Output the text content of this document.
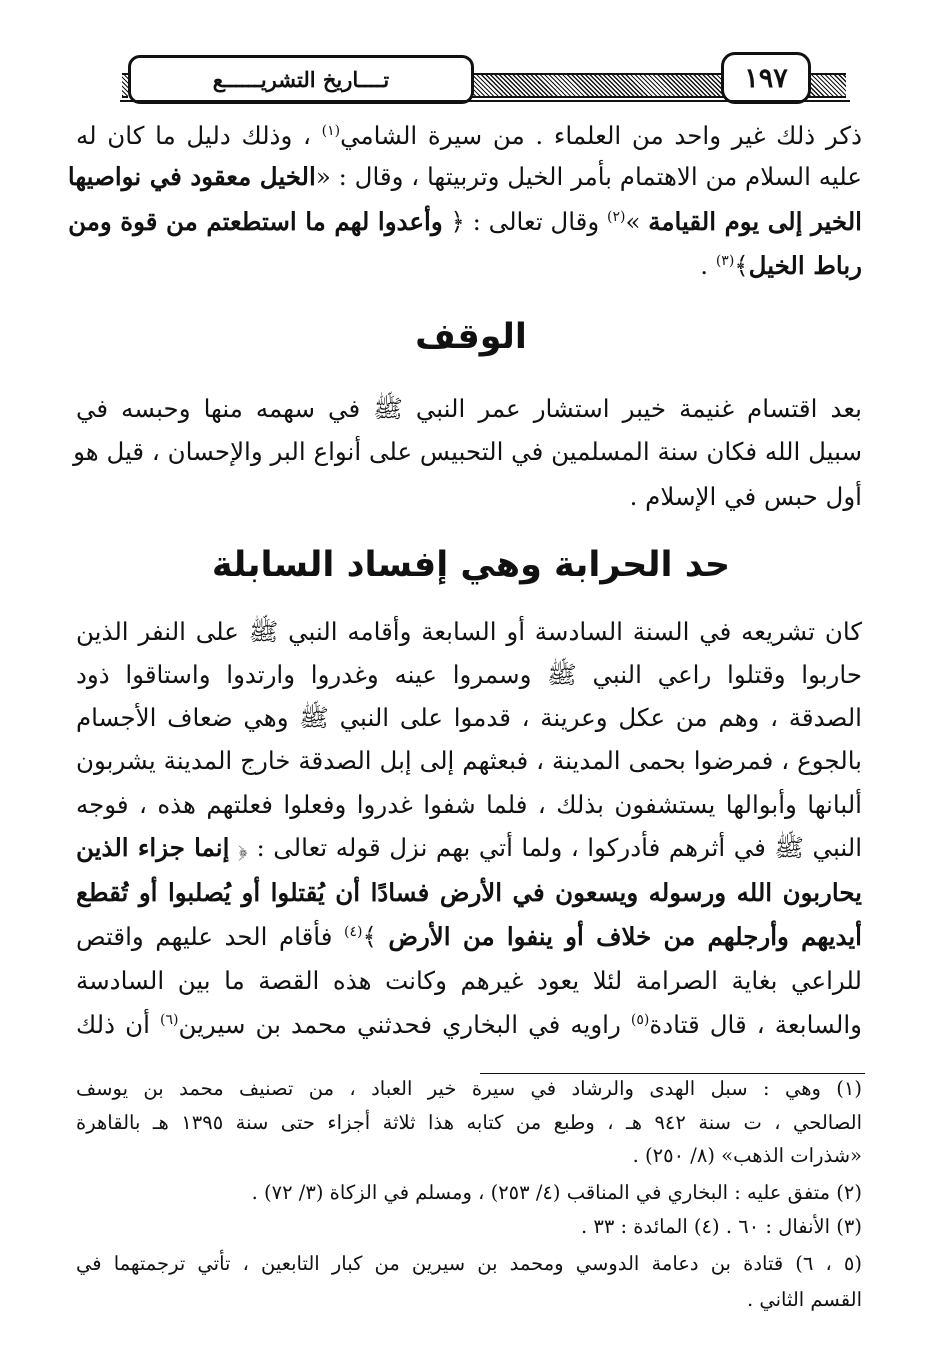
تــــاريخ التشريــــــع	١٩٧
ذكر ذلك غير واحد من العلماء . من سيرة الشامي$^{(١)}$ ، وذلك دليل ما كان له
عليه السلام من الاهتمام بأمر الخيل وتربيتها ، وقال : «الخيل معقود في نواصيها
الخير إلى يوم القيامة »$^{(٢)}$ وقال تعالى : ﴿ وأعدوا لهم ما استطعتم من قوة ومن
رباط الخيل﴾$^{(٣)}$ .
الوقف
بعد اقتسام غنيمة خيبر استشار عمر النبي ﷺ في سهمه منها وحبسه في
سبيل الله فكان سنة المسلمين في التحبيس على أنواع البر والإحسان ، قيل هو
أول حبس في الإسلام .
حد الحرابة وهي إفساد السابلة
كان تشريعه في السنة السادسة أو السابعة وأقامه النبي ﷺ على النفر الذين
حاربوا وقتلوا راعي النبي ﷺ وسمروا عينه وغدروا وارتدوا واستاقوا ذود
الصدقة ، وهم من عكل وعرينة ، قدموا على النبي ﷺ وهي ضعاف الأجسام
بالجوع ، فمرضوا بحمى المدينة ، فبعثهم إلى إبل الصدقة خارج المدينة يشربون
ألبانها وأبوالها يستشفون بذلك ، فلما شفوا غدروا وفعلوا فعلتهم هذه ، فوجه
النبي ﷺ في أثرهم فأدركوا ، ولما أتي بهم نزل قوله تعالى : ﴿ إنما جزاء الذين
يحاربون الله ورسوله ويسعون في الأرض فسادًا أن يُقتلوا أو يُصلبوا أو تُقطع
أيديهم وأرجلهم من خلاف أو ينفوا من الأرض ﴾$^{(٤)}$ فأقام الحد عليهم واقتص
للراعي بغاية الصرامة لئلا يعود غيرهم وكانت هذه القصة ما بين السادسة
والسابعة ، قال قتادة$^{(٥)}$ راويه في البخاري فحدثني محمد بن سيرين$^{(٦)}$ أن ذلك
(١) وهي : سبل الهدى والرشاد في سيرة خير العباد ، من تصنيف محمد بن يوسف
الصالحي ، ت سنة ٩٤٢ هـ ، وطبع من كتابه هذا ثلاثة أجزاء حتى سنة ١٣٩٥ هـ بالقاهرة
«شذرات الذهب» (٨/ ٢٥٠) .
(٢) متفق عليه : البخاري في المناقب (٤/ ٢٥٣) ، ومسلم في الزكاة (٣/ ٧٢) .
(٣) الأنفال : ٦٠ . (٤) المائدة : ٣٣ .
(٥ ، ٦) قتادة بن دعامة الدوسي ومحمد بن سيرين من كبار التابعين ، تأتي ترجمتهما في
القسم الثاني .
